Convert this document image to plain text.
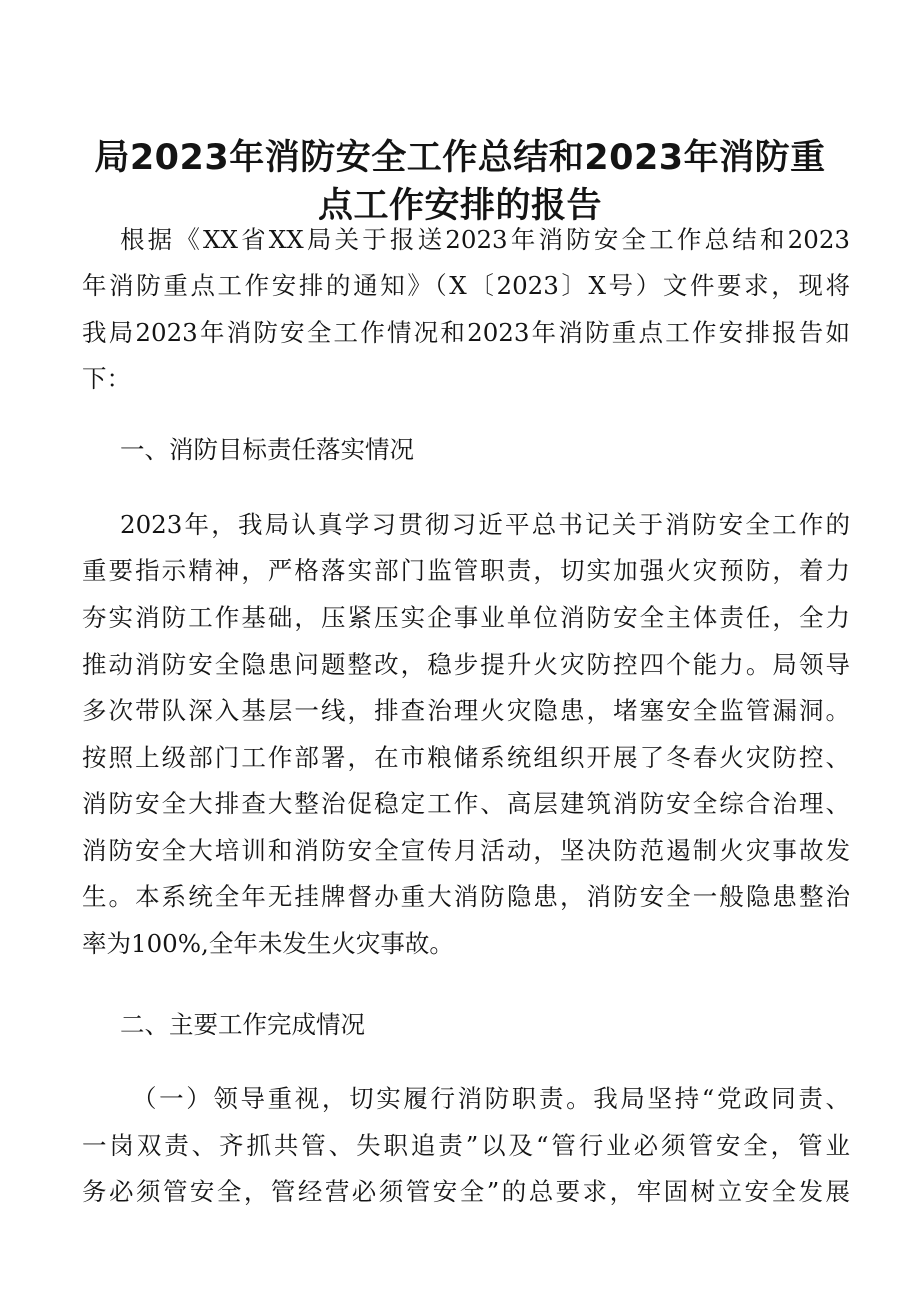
局2023年消防安全工作总结和2023年消防重
点工作安排的报告
根据《XX省XX局关于报送2023年消防安全工作总结和2023
年消防重点工作安排的通知》（X〔2023〕X号）文件要求，现将
我局2023年消防安全工作情况和2023年消防重点工作安排报告如
下：
一、消防目标责任落实情况
2023年，我局认真学习贯彻习近平总书记关于消防安全工作的
重要指示精神，严格落实部门监管职责，切实加强火灾预防，着力
夯实消防工作基础，压紧压实企事业单位消防安全主体责任，全力
推动消防安全隐患问题整改，稳步提升火灾防控四个能力。局领导
多次带队深入基层一线，排查治理火灾隐患，堵塞安全监管漏洞。
按照上级部门工作部署，在市粮储系统组织开展了冬春火灾防控、
消防安全大排查大整治促稳定工作、高层建筑消防安全综合治理、
消防安全大培训和消防安全宣传月活动，坚决防范遏制火灾事故发
生。本系统全年无挂牌督办重大消防隐患，消防安全一般隐患整治
率为100%,全年未发生火灾事故。
二、主要工作完成情况
（一）领导重视，切实履行消防职责。我局坚持“党政同责、
一岗双责、齐抓共管、失职追责”以及“管行业必须管安全，管业
务必须管安全，管经营必须管安全”的总要求，牢固树立安全发展
